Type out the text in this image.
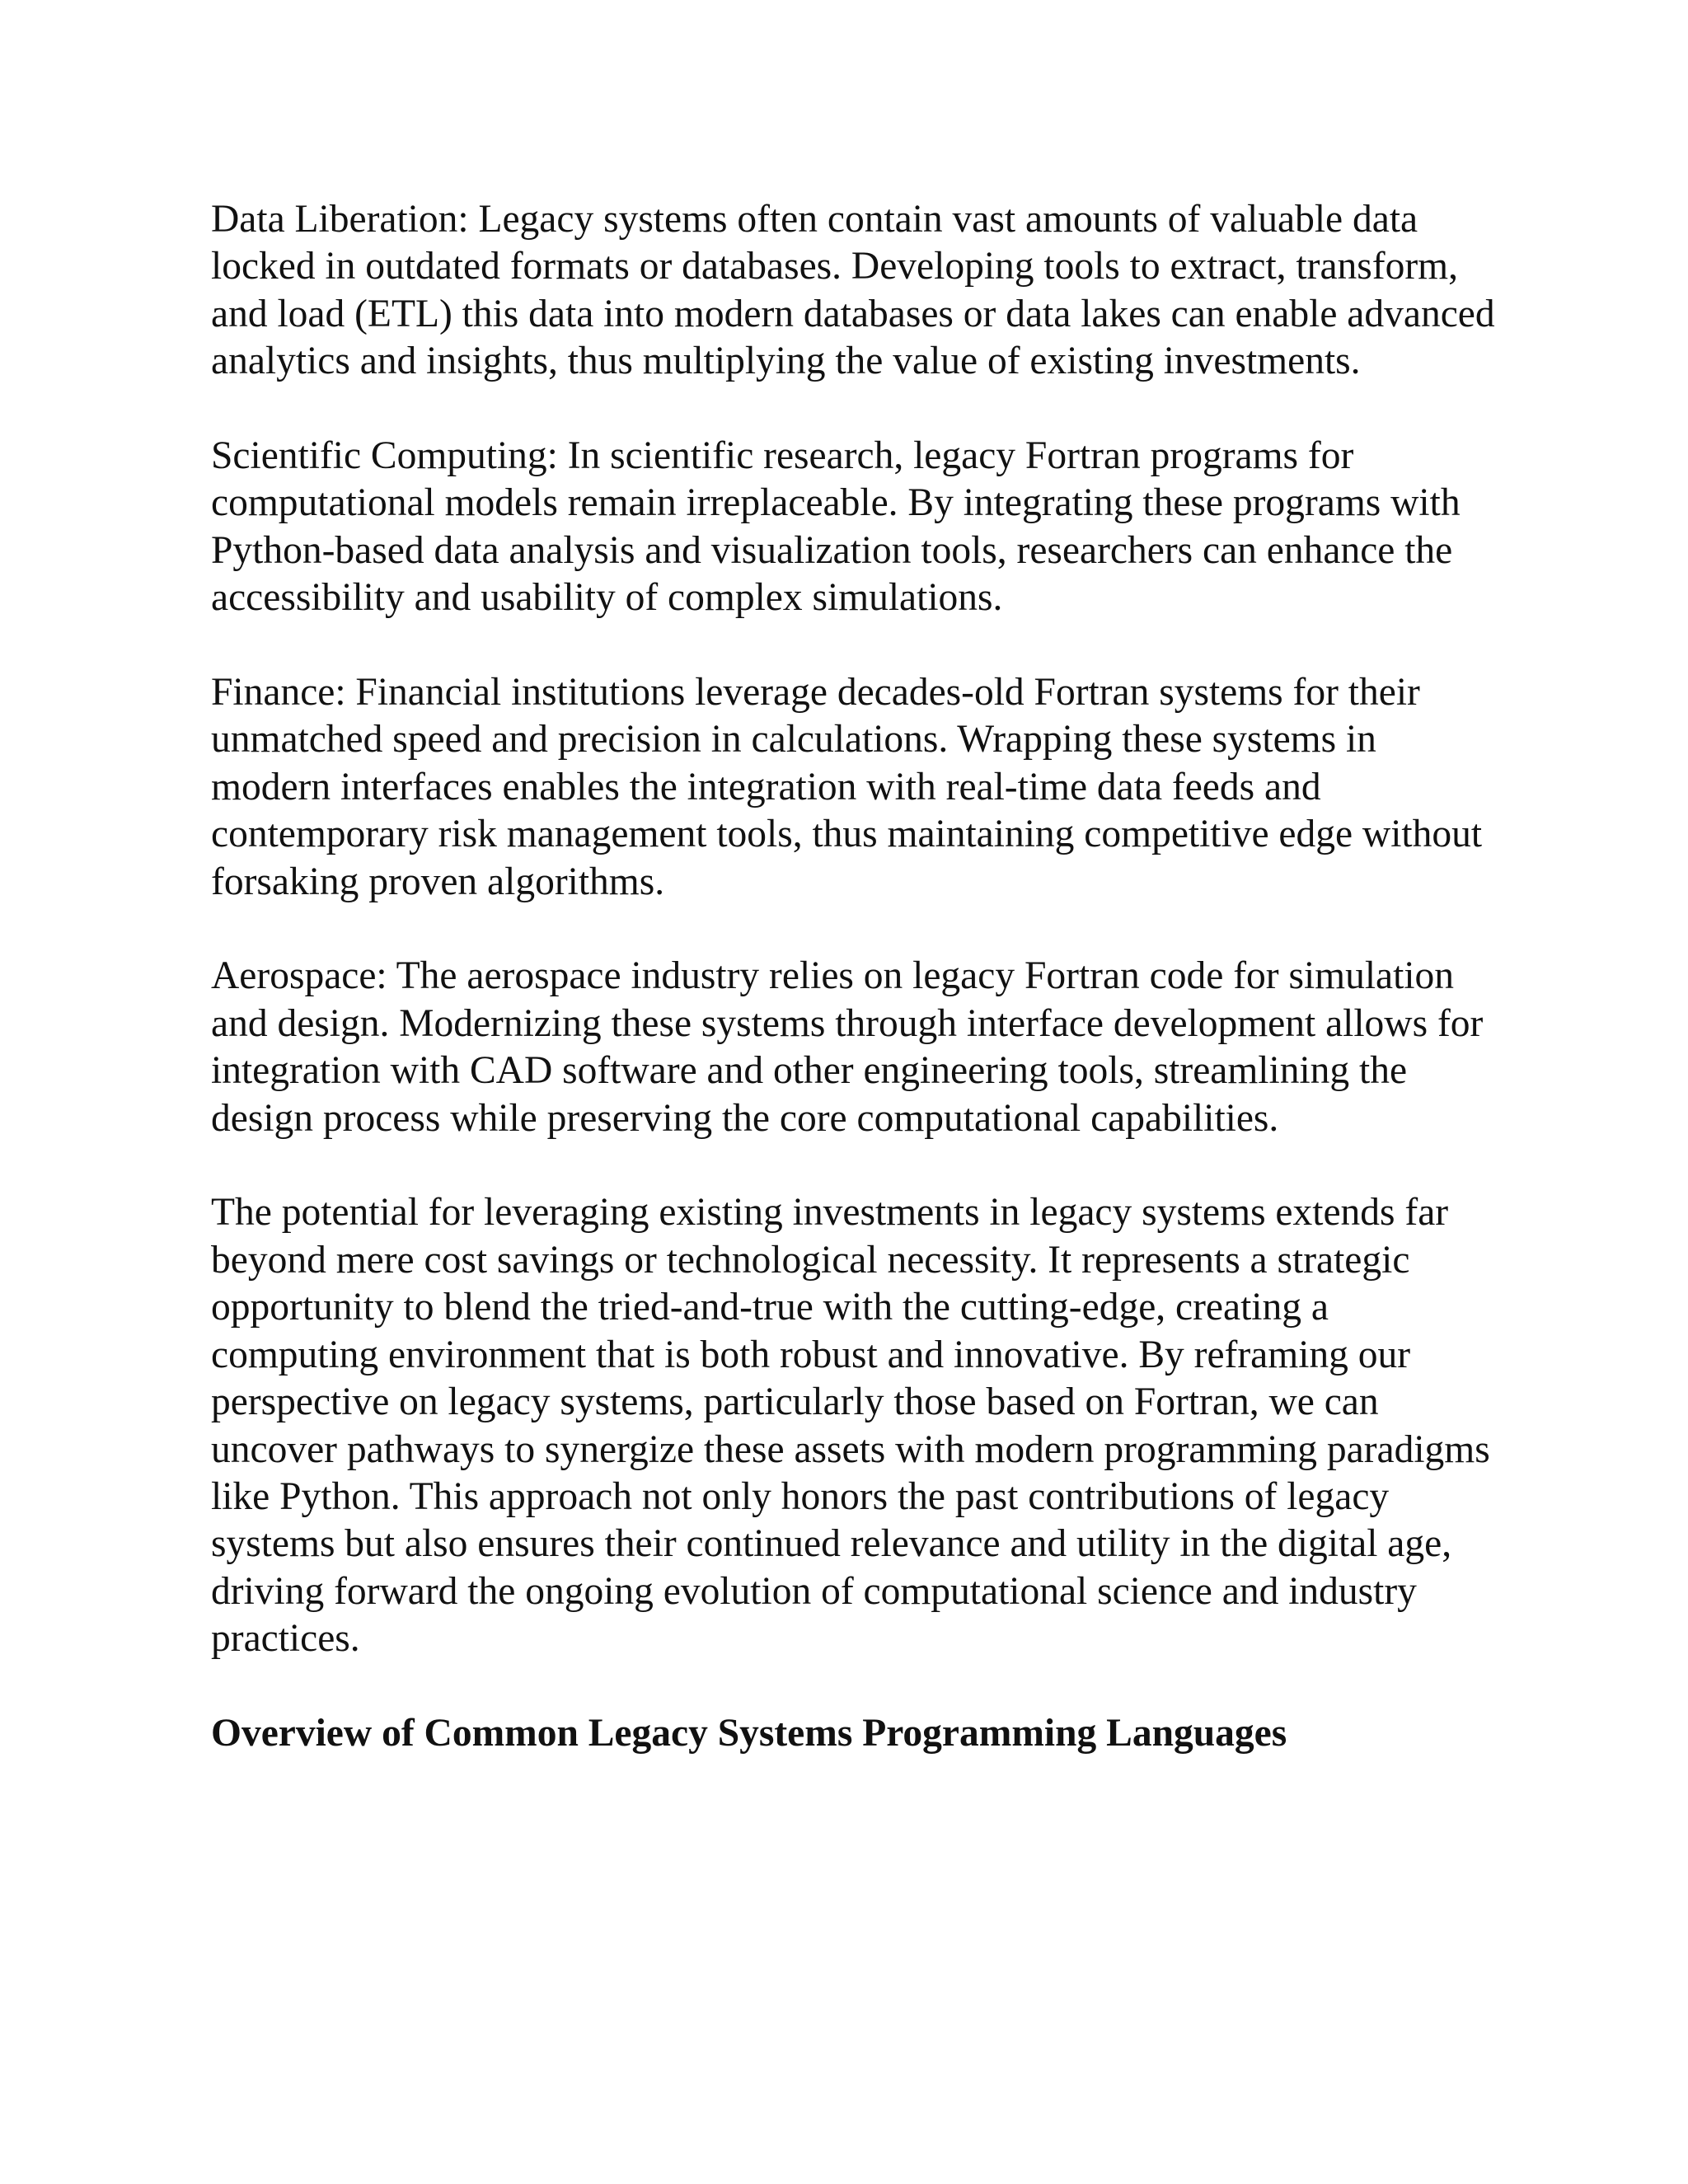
Data Liberation: Legacy systems often contain vast amounts of valuable data locked in outdated formats or databases. Developing tools to extract, transform, and load (ETL) this data into modern databases or data lakes can enable advanced analytics and insights, thus multiplying the value of existing investments.

Scientific Computing: In scientific research, legacy Fortran programs for computational models remain irreplaceable. By integrating these programs with Python-based data analysis and visualization tools, researchers can enhance the accessibility and usability of complex simulations.

Finance: Financial institutions leverage decades-old Fortran systems for their unmatched speed and precision in calculations. Wrapping these systems in modern interfaces enables the integration with real-time data feeds and contemporary risk management tools, thus maintaining competitive edge without forsaking proven algorithms.

Aerospace: The aerospace industry relies on legacy Fortran code for simulation and design. Modernizing these systems through interface development allows for integration with CAD software and other engineering tools, streamlining the design process while preserving the core computational capabilities.

The potential for leveraging existing investments in legacy systems extends far beyond mere cost savings or technological necessity. It represents a strategic opportunity to blend the tried-and-true with the cutting-edge, creating a computing environment that is both robust and innovative. By reframing our perspective on legacy systems, particularly those based on Fortran, we can uncover pathways to synergize these assets with modern programming paradigms like Python. This approach not only honors the past contributions of legacy systems but also ensures their continued relevance and utility in the digital age, driving forward the ongoing evolution of computational science and industry practices.

Overview of Common Legacy Systems Programming Languages
